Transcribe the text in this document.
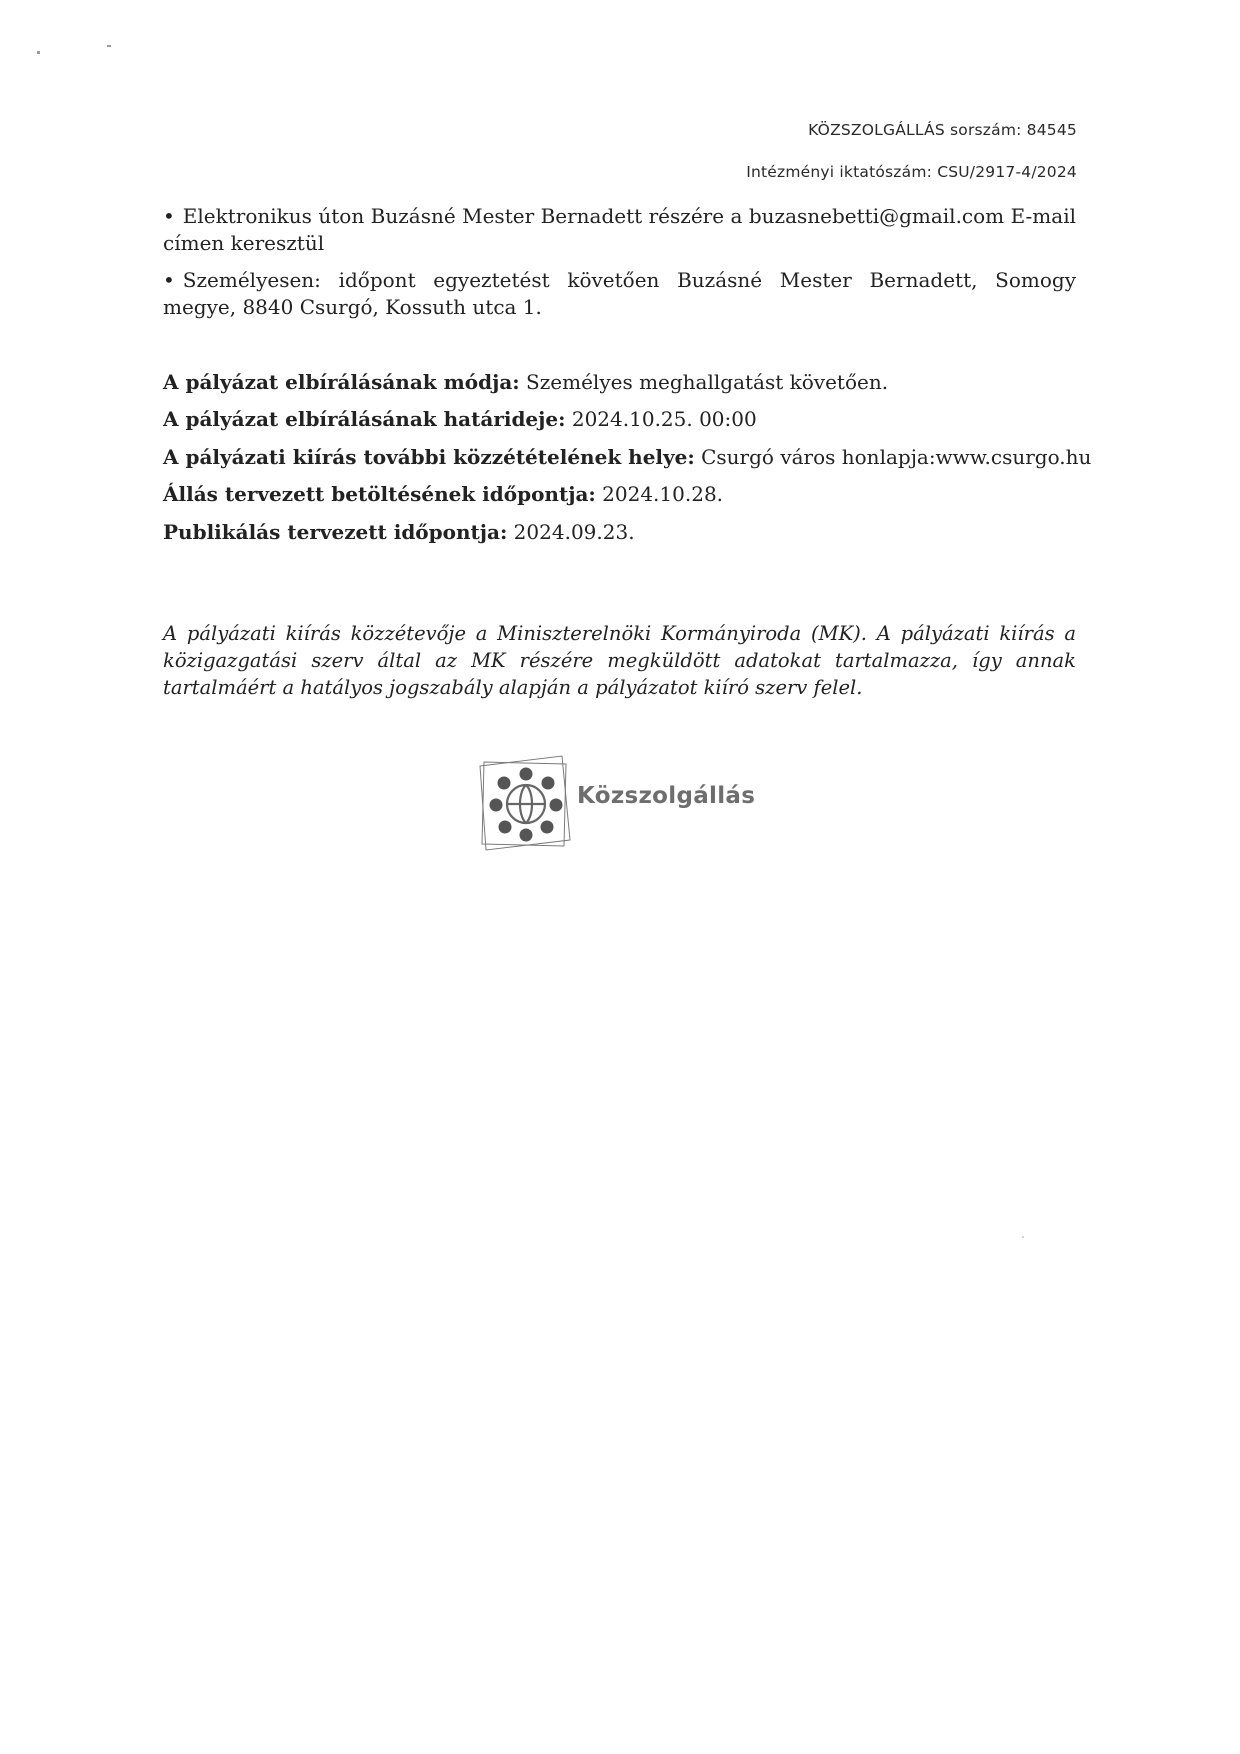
KÖZSZOLGÁLLÁS sorszám: 84545
Intézményi iktatószám: CSU/2917-4/2024
• Elektronikus úton Buzásné Mester Bernadett részére a buzasnebetti@gmail.com E-mail címen keresztül
• Személyesen: időpont egyeztetést követően Buzásné Mester Bernadett, Somogy megye, 8840 Csurgó, Kossuth utca 1.
A pályázat elbírálásának módja: Személyes meghallgatást követően.
A pályázat elbírálásának határideje: 2024.10.25. 00:00
A pályázati kiírás további közzétételének helye: Csurgó város honlapja:www.csurgo.hu
Állás tervezett betöltésének időpontja: 2024.10.28.
Publikálás tervezett időpontja: 2024.09.23.
A pályázati kiírás közzétevője a Miniszterelnöki Kormányiroda (MK). A pályázati kiírás a közigazgatási szerv által az MK részére megküldött adatokat tartalmazza, így annak tartalmáért a hatályos jogszabály alapján a pályázatot kiíró szerv felel.
Közszolgállás
